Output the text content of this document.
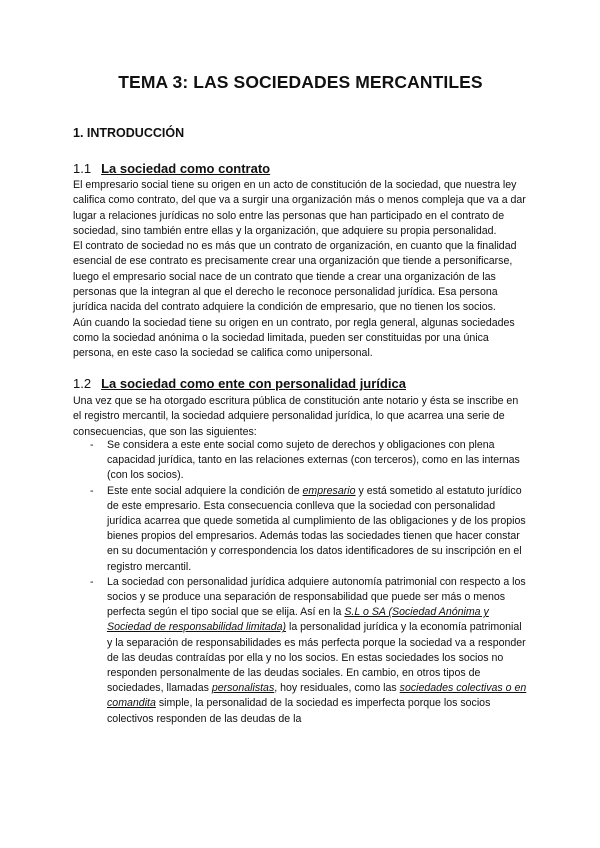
TEMA 3: LAS SOCIEDADES MERCANTILES
1. INTRODUCCIÓN
1.1 La sociedad como contrato

El empresario social tiene su origen en un acto de constitución de la sociedad, que nuestra ley califica como contrato, del que va a surgir una organización más o menos compleja que va a dar lugar a relaciones jurídicas no solo entre las personas que han participado en el contrato de sociedad, sino también entre ellas y la organización, que adquiere su propia personalidad.

El contrato de sociedad no es más que un contrato de organización, en cuanto que la finalidad esencial de ese contrato es precisamente crear una organización que tiende a personificarse, luego el empresario social nace de un contrato que tiende a crear una organización de las personas que la integran al que el derecho le reconoce personalidad jurídica. Esa persona jurídica nacida del contrato adquiere la condición de empresario, que no tienen los socios.

Aún cuando la sociedad tiene su origen en un contrato, por regla general, algunas sociedades como la sociedad anónima o la sociedad limitada, pueden ser constituidas por una única persona, en este caso la sociedad se califica como unipersonal.

1.2 La sociedad como ente con personalidad jurídica
Una vez que se ha otorgado escritura pública de constitución ante notario y ésta se inscribe en el registro mercantil, la sociedad adquiere personalidad jurídica, lo que acarrea una serie de consecuencias, que son las siguientes:
- Se considera a este ente social como sujeto de derechos y obligaciones con plena capacidad jurídica, tanto en las relaciones externas (con terceros), como en las internas (con los socios).
- Este ente social adquiere la condición de empresario y está sometido al estatuto jurídico de este empresario. Esta consecuencia conlleva que la sociedad con personalidad jurídica acarrea que quede sometida al cumplimiento de las obligaciones y de los propios bienes propios del empresarios. Además todas las sociedades tienen que hacer constar en su documentación y correspondencia los datos identificadores de su inscripción en el registro mercantil.
- La sociedad con personalidad jurídica adquiere autonomía patrimonial con respecto a los socios y se produce una separación de responsabilidad que puede ser más o menos perfecta según el tipo social que se elija. Así en la S.L o SA (Sociedad Anónima y Sociedad de responsabilidad limitada) la personalidad jurídica y la economía patrimonial y la separación de responsabilidades es más perfecta porque la sociedad va a responder de las deudas contraídas por ella y no los socios. En estas sociedades los socios no responden personalmente de las deudas sociales. En cambio, en otros tipos de sociedades, llamadas personalistas, hoy residuales, como las sociedades colectivas o en comandita simple, la personalidad de la sociedad es imperfecta porque los socios colectivos responden de las deudas de la
